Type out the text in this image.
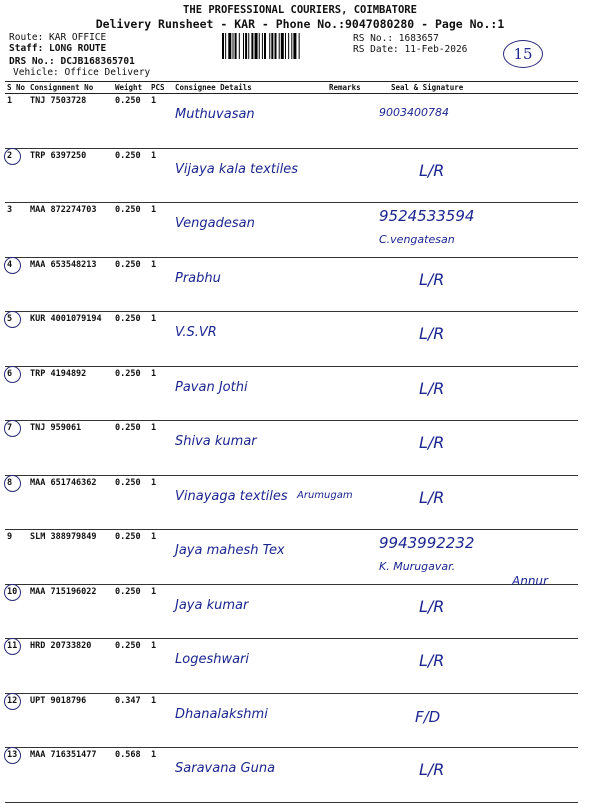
THE PROFESSIONAL COURIERS, COIMBATORE
Delivery Runsheet - KAR - Phone No.:9047080280 - Page No.:1
Route: KAR OFFICE
Staff: LONG ROUTE
DRS No.: DCJB168365701
Vehicle: Office Delivery
RS No.: 1683657
RS Date: 11-Feb-2026	15
S No	Consignment No	Weight	PCS	Consignee Details	Remarks	Seal & Signature
1	TNJ 7503728	0.250	1	Muthuvasan		9003400784

2	TRP 6397250	0.250	1	Vijaya kala textiles		L/R

3	MAA 872274703	0.250	1	Vengadesan		9524533594
C.vengatesan

4	MAA 653548213	0.250	1	Prabhu		L/R

5	KUR 4001079194	0.250	1	V.S.VR		L/R

6	TRP 4194892	0.250	1	Pavan Jothi		L/R

7	TNJ 959061	0.250	1	Shiva kumar		L/R

8	MAA 651746362	0.250	1	Vinayaga textiles		L/R

9	SLM 388979849	0.250	1	Jaya mahesh Tex		9943992232
K. Murugavar.

10	MAA 715196022	0.250	1	Jaya kumar		L/R

11	HRD 20733820	0.250	1	Logeshwari		L/R

12	UPT 9018796	0.347	1	Dhanalakshmi		F/D

13	MAA 716351477	0.568	1	Saravana Guna		L/R
Arumugam
Annur
